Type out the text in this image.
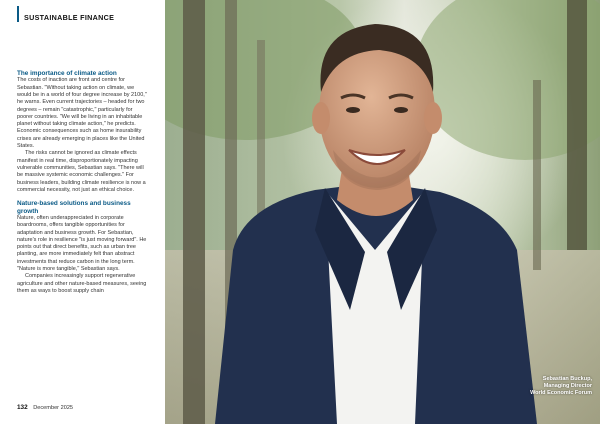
SUSTAINABLE FINANCE
The importance of climate action

The costs of inaction are front and centre for Sebastian. "Without taking action on climate, we would be in a world of four degree increase by 2100," he warns. Even current trajectories – headed for two degrees – remain "catastrophic," particularly for poorer countries. "We will be living in an inhabitable planet without taking climate action," he predicts. Economic consequences such as home insurability crises are already emerging in places like the United States.

The risks cannot be ignored as climate effects manifest in real time, disproportionately impacting vulnerable communities, Sebastian says. "There will be massive systemic economic challenges." For business leaders, building climate resilience is now a commercial necessity, not just an ethical choice.

Nature-based solutions and business growth

Nature, often underappreciated in corporate boardrooms, offers tangible opportunities for adaptation and business growth. For Sebastian, nature's role in resilience "is just moving forward". He points out that direct benefits, such as urban tree planting, are more immediately felt than abstract investments that reduce carbon in the long term. "Nature is more tangible," Sebastian says.

Companies increasingly support regenerative agriculture and other nature-based measures, seeing them as ways to boost supply chain

132 December 2025
Sebastian Buckup,
Managing Director
World Economic Forum
